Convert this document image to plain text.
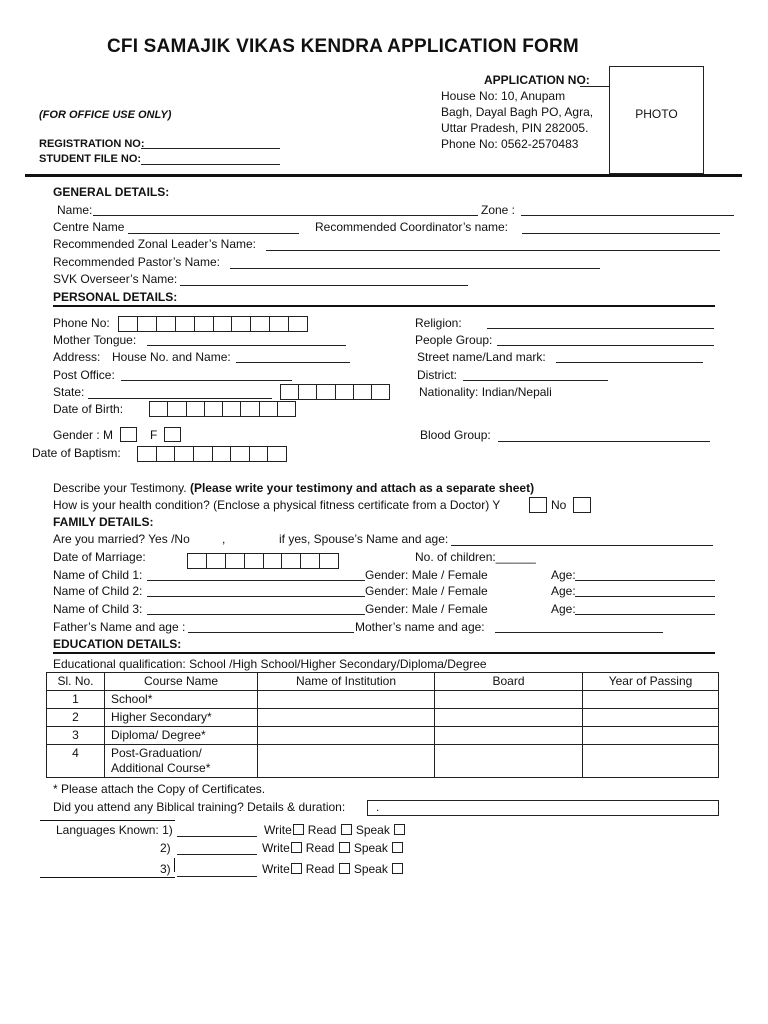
CFI SAMAJIK VIKAS KENDRA APPLICATION FORM
APPLICATION NO:
House No: 10, Anupam
Bagh, Dayal Bagh PO, Agra,
Uttar Pradesh, PIN 282005.
Phone No: 0562-2570483
PHOTO
(FOR OFFICE USE ONLY)
REGISTRATION NO:
STUDENT FILE NO:
GENERAL DETAILS:
Name:	Zone :
Centre Name	Recommended Coordinator’s name:
Recommended Zonal Leader’s Name:
Recommended Pastor’s Name:
SVK Overseer’s Name:
PERSONAL DETAILS:
Phone No:	Religion:
Mother Tongue:	People Group:
Address: House No. and Name:	Street name/Land mark:
Post Office:	District:
State:	Nationality: Indian/Nepali
Date of Birth:
Gender : M	F	Blood Group:
Date of Baptism:
Describe your Testimony. (Please write your testimony and attach as a separate sheet)
How is your health condition? (Enclose a physical fitness certificate from a Doctor) Y	No
FAMILY DETAILS:
Are you married? Yes /No	,	if yes, Spouse’s Name and age:
Date of Marriage:	No. of children:______
Name of Child 1:	Gender: Male / Female	Age:
Name of Child 2:	Gender: Male / Female	Age:
Name of Child 3:	Gender: Male / Female	Age:
Father’s Name and age :	Mother’s name and age:
EDUCATION DETAILS:
Educational qualification: School /High School/Higher Secondary/Diploma/Degree
Sl. No.	Course Name	Name of Institution	Board	Year of Passing
1	School*			
2	Higher Secondary*			
3	Diploma/ Degree*			
4	Post-Graduation/
Additional Course*			

* Please attach the Copy of Certificates.
Did you attend any Biblical training? Details & duration:	.
Languages Known: 1)
2)
3)
Write Read Speak
Write Read Speak
Write Read Speak
